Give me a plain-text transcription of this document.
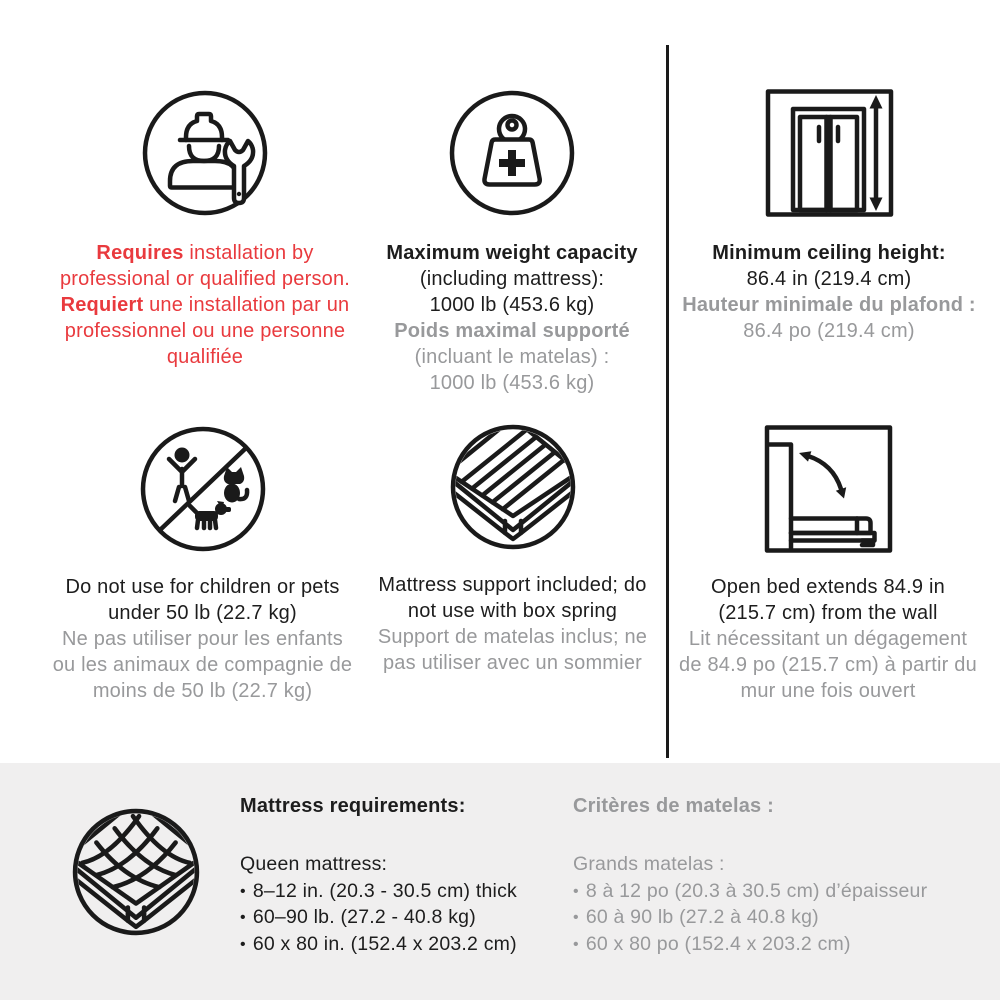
Requires installation by
professional or qualified person.
Requiert une installation par un
professionnel ou une personne
qualifiée

Maximum weight capacity
(including mattress):
1000 lb (453.6 kg)
Poids maximal supporté
(incluant le matelas) :
1000 lb (453.6 kg)

Minimum ceiling height:
86.4 in (219.4 cm)
Hauteur minimale du plafond :
86.4 po (219.4 cm)

Do not use for children or pets
under 50 lb (22.7 kg)
Ne pas utiliser pour les enfants
ou les animaux de compagnie de
moins de 50 lb (22.7 kg)

Mattress support included; do
not use with box spring
Support de matelas inclus; ne
pas utiliser avec un sommier

Open bed extends 84.9 in
(215.7 cm) from the wall
Lit nécessitant un dégagement
de 84.9 po (215.7 cm) à partir du
mur une fois ouvert

Mattress requirements:
Queen mattress:
• 8–12 in. (20.3 - 30.5 cm) thick
• 60–90 lb. (27.2 - 40.8 kg)
• 60 x 80 in. (152.4 x 203.2 cm)
Critères de matelas :
Grands matelas :
• 8 à 12 po (20.3 à 30.5 cm) d’épaisseur
• 60 à 90 lb (27.2 à 40.8 kg)
• 60 x 80 po (152.4 x 203.2 cm)
